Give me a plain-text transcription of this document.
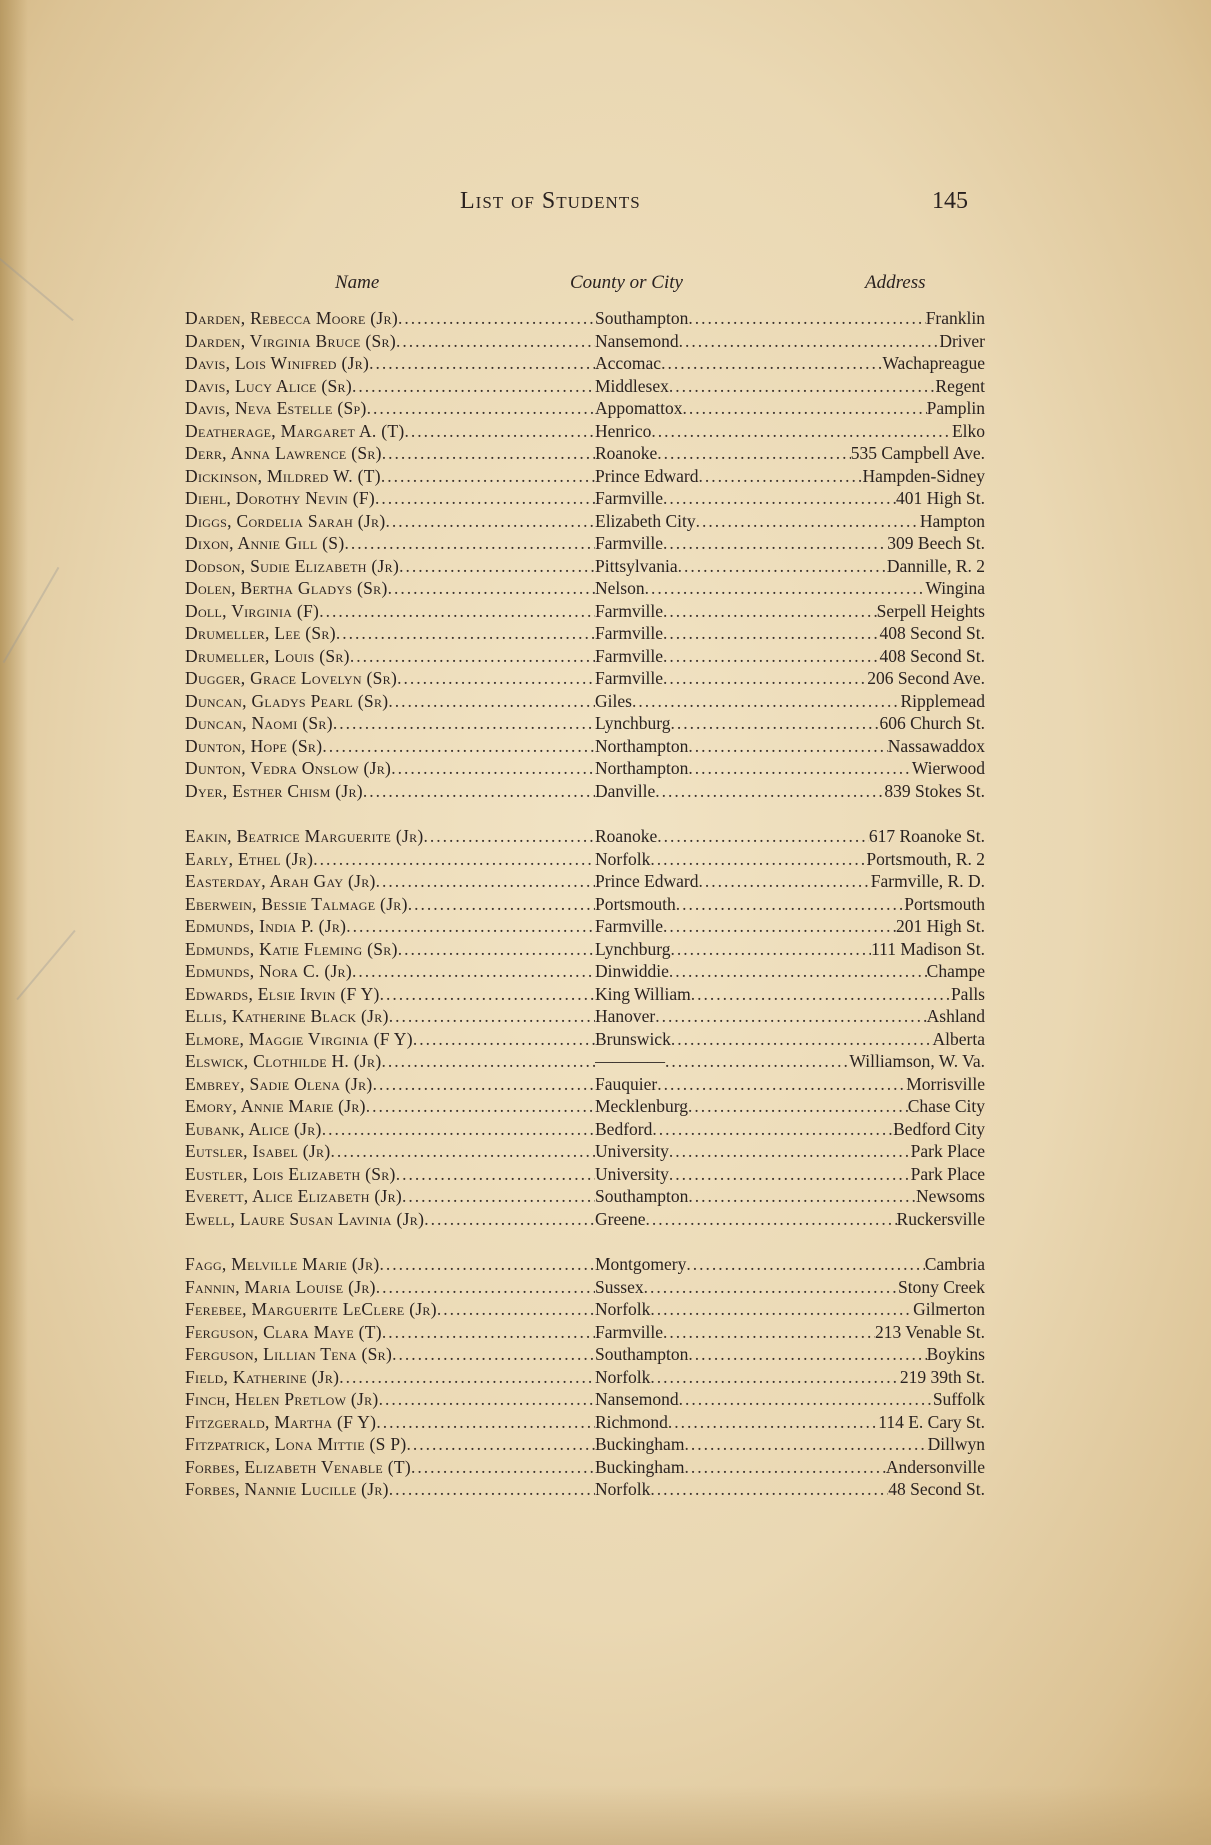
List of Students	145
Name	County or City	Address
Darden, Rebecca Moore (Jr) .....	Southampton .....	Franklin
Darden, Virginia Bruce (Sr) .....	Nansemond .....	Driver
Davis, Lois Winifred (Jr) .....	Accomac .....	Wachapreague
Davis, Lucy Alice (Sr) .....	Middlesex .....	Regent
Davis, Neva Estelle (Sp) .....	Appomattox .....	Pamplin
Deatherage, Margaret A. (T) .....	Henrico .....	Elko
Derr, Anna Lawrence (Sr) .....	Roanoke .....	535 Campbell Ave.
Dickinson, Mildred W. (T) .....	Prince Edward .....	Hampden-Sidney
Diehl, Dorothy Nevin (F) .....	Farmville .....	401 High St.
Diggs, Cordelia Sarah (Jr) .....	Elizabeth City .....	Hampton
Dixon, Annie Gill (S) .....	Farmville .....	309 Beech St.
Dodson, Sudie Elizabeth (Jr) .....	Pittsylvania .....	Dannille, R. 2
Dolen, Bertha Gladys (Sr) .....	Nelson .....	Wingina
Doll, Virginia (F) .....	Farmville .....	Serpell Heights
Drumeller, Lee (Sr) .....	Farmville .....	408 Second St.
Drumeller, Louis (Sr) .....	Farmville .....	408 Second St.
Dugger, Grace Lovelyn (Sr) .....	Farmville .....	206 Second Ave.
Duncan, Gladys Pearl (Sr) .....	Giles .....	Ripplemead
Duncan, Naomi (Sr) .....	Lynchburg .....	606 Church St.
Dunton, Hope (Sr) .....	Northampton .....	Nassawaddox
Dunton, Vedra Onslow (Jr) .....	Northampton .....	Wierwood
Dyer, Esther Chism (Jr) .....	Danville .....	839 Stokes St.
Eakin, Beatrice Marguerite (Jr) .....	Roanoke .....	617 Roanoke St.
Early, Ethel (Jr) .....	Norfolk .....	Portsmouth, R. 2
Easterday, Arah Gay (Jr) .....	Prince Edward .....	Farmville, R. D.
Eberwein, Bessie Talmage (Jr) .....	Portsmouth .....	Portsmouth
Edmunds, India P. (Jr) .....	Farmville .....	201 High St.
Edmunds, Katie Fleming (Sr) .....	Lynchburg .....	111 Madison St.
Edmunds, Nora C. (Jr) .....	Dinwiddie .....	Champe
Edwards, Elsie Irvin (F Y) .....	King William .....	Palls
Ellis, Katherine Black (Jr) .....	Hanover .....	Ashland
Elmore, Maggie Virginia (F Y) .....	Brunswick .....	Alberta
Elswick, Clothilde H. (Jr) .....	———— .....	Williamson, W. Va.
Embrey, Sadie Olena (Jr) .....	Fauquier .....	Morrisville
Emory, Annie Marie (Jr) .....	Mecklenburg .....	Chase City
Eubank, Alice (Jr) .....	Bedford .....	Bedford City
Eutsler, Isabel (Jr) .....	University .....	Park Place
Eustler, Lois Elizabeth (Sr) .....	University .....	Park Place
Everett, Alice Elizabeth (Jr) .....	Southampton .....	Newsoms
Ewell, Laure Susan Lavinia (Jr) .....	Greene .....	Ruckersville
Fagg, Melville Marie (Jr) .....	Montgomery .....	Cambria
Fannin, Maria Louise (Jr) .....	Sussex .....	Stony Creek
Ferebee, Marguerite LeClere (Jr) .....	Norfolk .....	Gilmerton
Ferguson, Clara Maye (T) .....	Farmville .....	213 Venable St.
Ferguson, Lillian Tena (Sr) .....	Southampton .....	Boykins
Field, Katherine (Jr) .....	Norfolk .....	219 39th St.
Finch, Helen Pretlow (Jr) .....	Nansemond .....	Suffolk
Fitzgerald, Martha (F Y) .....	Richmond .....	114 E. Cary St.
Fitzpatrick, Lona Mittie (S P) .....	Buckingham .....	Dillwyn
Forbes, Elizabeth Venable (T) .....	Buckingham .....	Andersonville
Forbes, Nannie Lucille (Jr) .....	Norfolk .....	48 Second St.
